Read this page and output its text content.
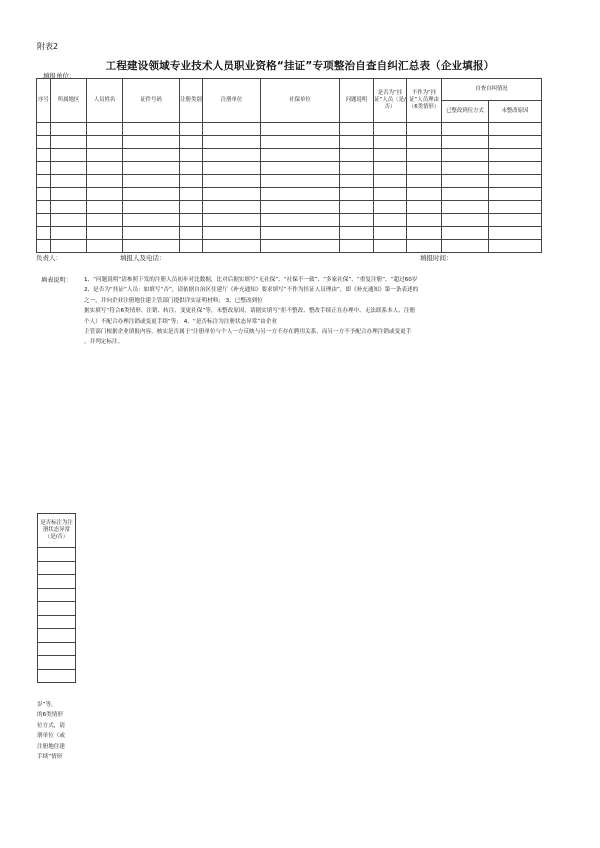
附表2
工程建设领域专业技术人员职业资格“挂证”专项整治自查自纠汇总表（企业填报）
填报单位：
序号	所属地区	人员姓名	证件号码	注册类别	注册单位	社保单位	问题说明	是否为“挂证”人员（是/否）	不作为“挂证”人员理由（6类情形）	自查自纠情况	
										已整改到位方式	未整改原因

负责人：	填报人及电话：	填报时间：
填表说明： 1、“问题说明”请参照下发的注册人员初步对比数据，比对后据实填写“无社保”、“社保不一致”、“多家社保”、“重复注册”、“超过60岁
2、是否为“挂证”人员：如填写“否”，请依据自治区住建厅《补充通知》要求填写“不作为挂证人员理由”，即《补充通知》第一条表述的
之一，并向企业注册地住建主管部门提供详实证明材料； 3、已整改到位
据实填写“符合6类情形、注销、转注、变更社保”等，未整改原因，请据实填写“拒不整改、整改手续正在办理中、无法联系本人、注册
个人）不配合办理注销或变更手续”等； 4、“是否标注为注册状态异常”由企业
主管部门根据企业填报内容，核实是否属于“注册单位与个人一方反映与另一方不存在聘用关系，而另一方不予配合办理注销或变更手
，并判定标注。
是否标注为注册状态异常（是/否）

岁”等。
的6类情形
位方式，请
册单位（或
注册地住建
手续”情形
